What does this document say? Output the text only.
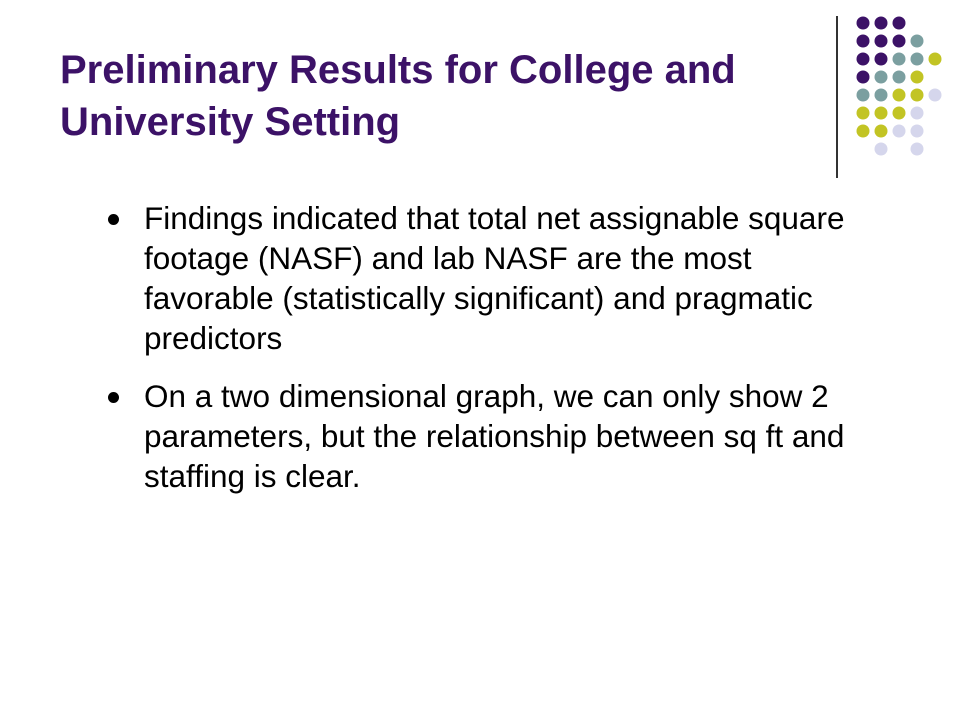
Preliminary Results for College and University Setting
Findings indicated that total net assignable square footage (NASF) and lab NASF are the most favorable (statistically significant) and pragmatic predictors
On a two dimensional graph, we can only show 2 parameters, but the relationship between sq ft and staffing is clear.
